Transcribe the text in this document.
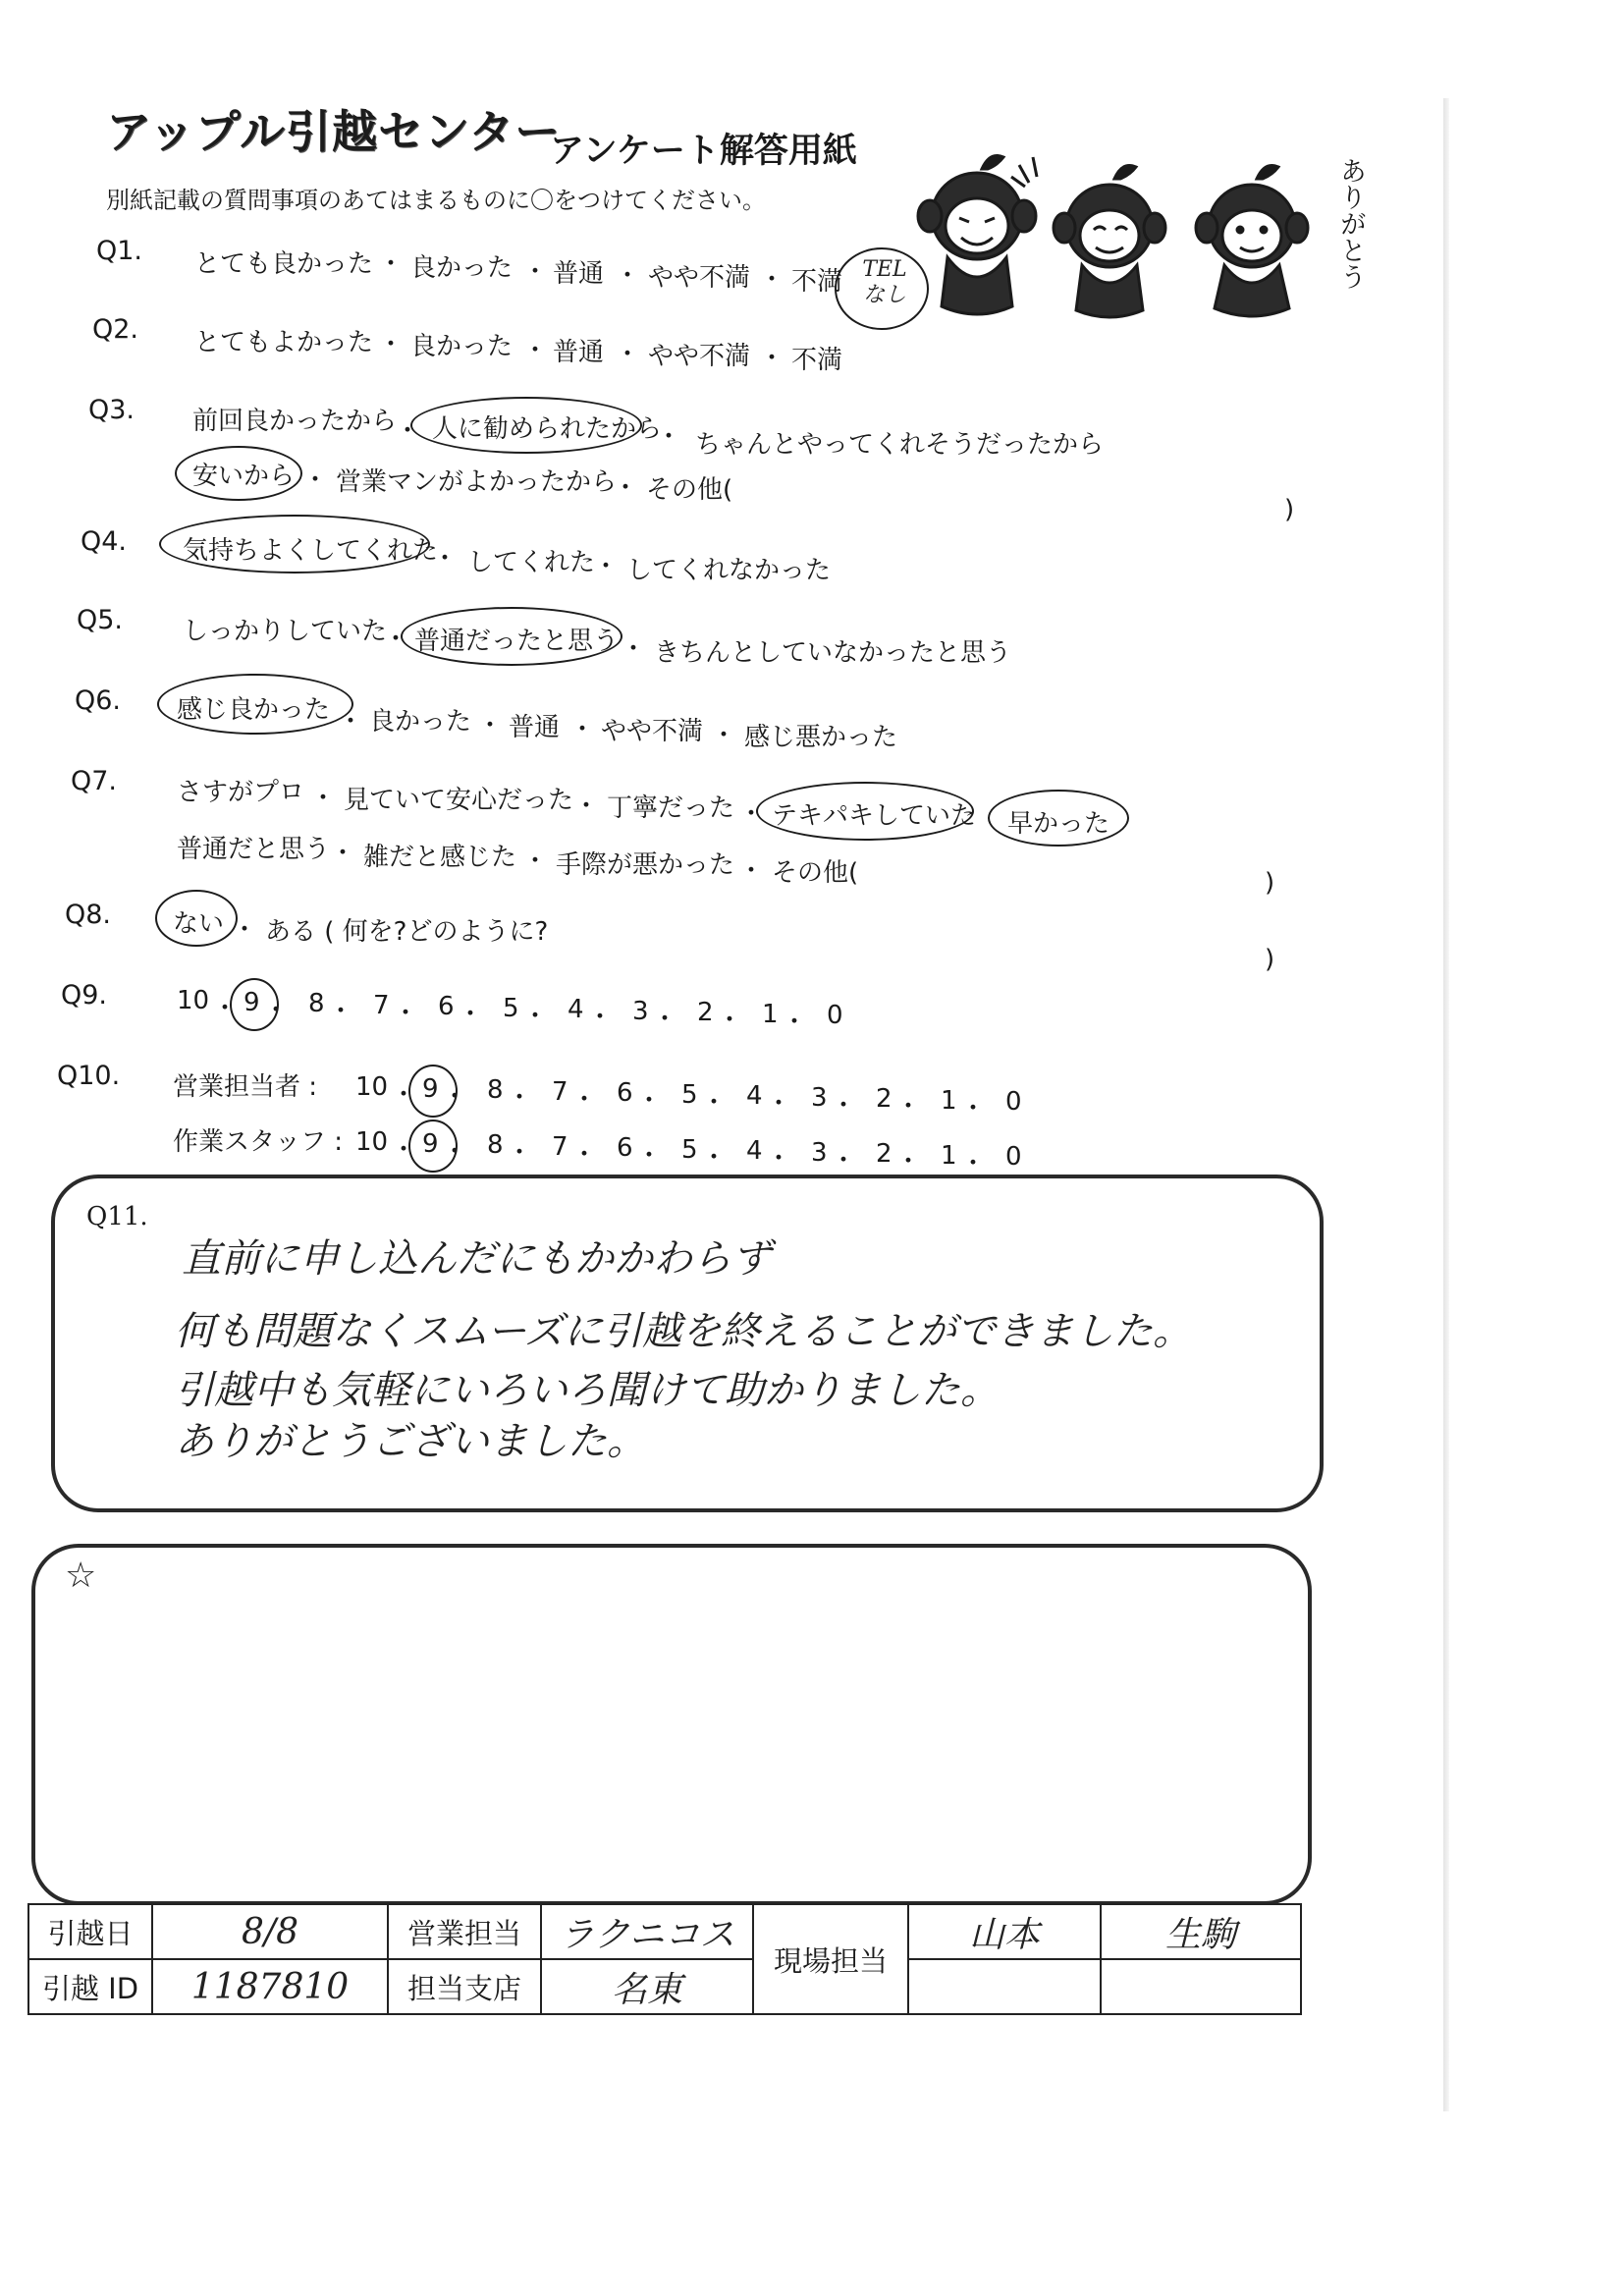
アップル引越センター
アンケート解答用紙
別紙記載の質問事項のあてはまるものに〇をつけてください。	ありがとう
Q1. とても良かった ・ 良かった ・ 普通 ・ やや不満 ・ 不満 TEL なし
Q2. とてもよかった ・ 良かった ・ 普通 ・ やや不満 ・ 不満
Q3. 前回良かったから
・ 人に勧められたから
・ ちゃんとやってくれそうだったから
安いから ・ 営業マンがよかったから
・ その他(
)
Q4. 気持ちよくしてくれた
・ してくれた
・ してくれなかった
Q5. しっかりしていた
・ 普通だったと思う ・ きちんとしていなかったと思う
Q6. 感じ良かった ・ 良かった ・ 普通 ・ やや不満 ・ 感じ悪かった
Q7. さすがプロ ・ 見ていて安心だった ・ 丁寧だった ・ テキパキしていた 早かった
普通だと思う ・ 雑だと感じた ・ 手際が悪かった ・ その他(	)
Q8. ない ・ ある ( 何を?どのように?
)
Q9.	10 ・ 9 ・ 8 ・ 7 ・ 6 ・ 5 ・ 4 ・ 3 ・ 2 ・ 1 ・ 0
Q10. 営業担当者 : 10 ・ 9 ・ 8 ・ 7 ・ 6 ・ 5 ・ 4 ・ 3 ・ 2 ・ 1 ・ 0
作業スタッフ : 10 ・ 9 ・ 8 ・ 7 ・ 6 ・ 5 ・ 4 ・ 3 ・ 2 ・ 1 ・ 0
Q11.
直前に申し込んだにもかかわらず
何も問題なくスムーズに引越を終えることができました。
引越中も気軽にいろいろ聞けて助かりました。
ありがとうございました。
☆
引越日	8/8	営業担当	ラクニコス	現場担当	山本	生駒
引越 ID	1187810	担当支店	名東			
